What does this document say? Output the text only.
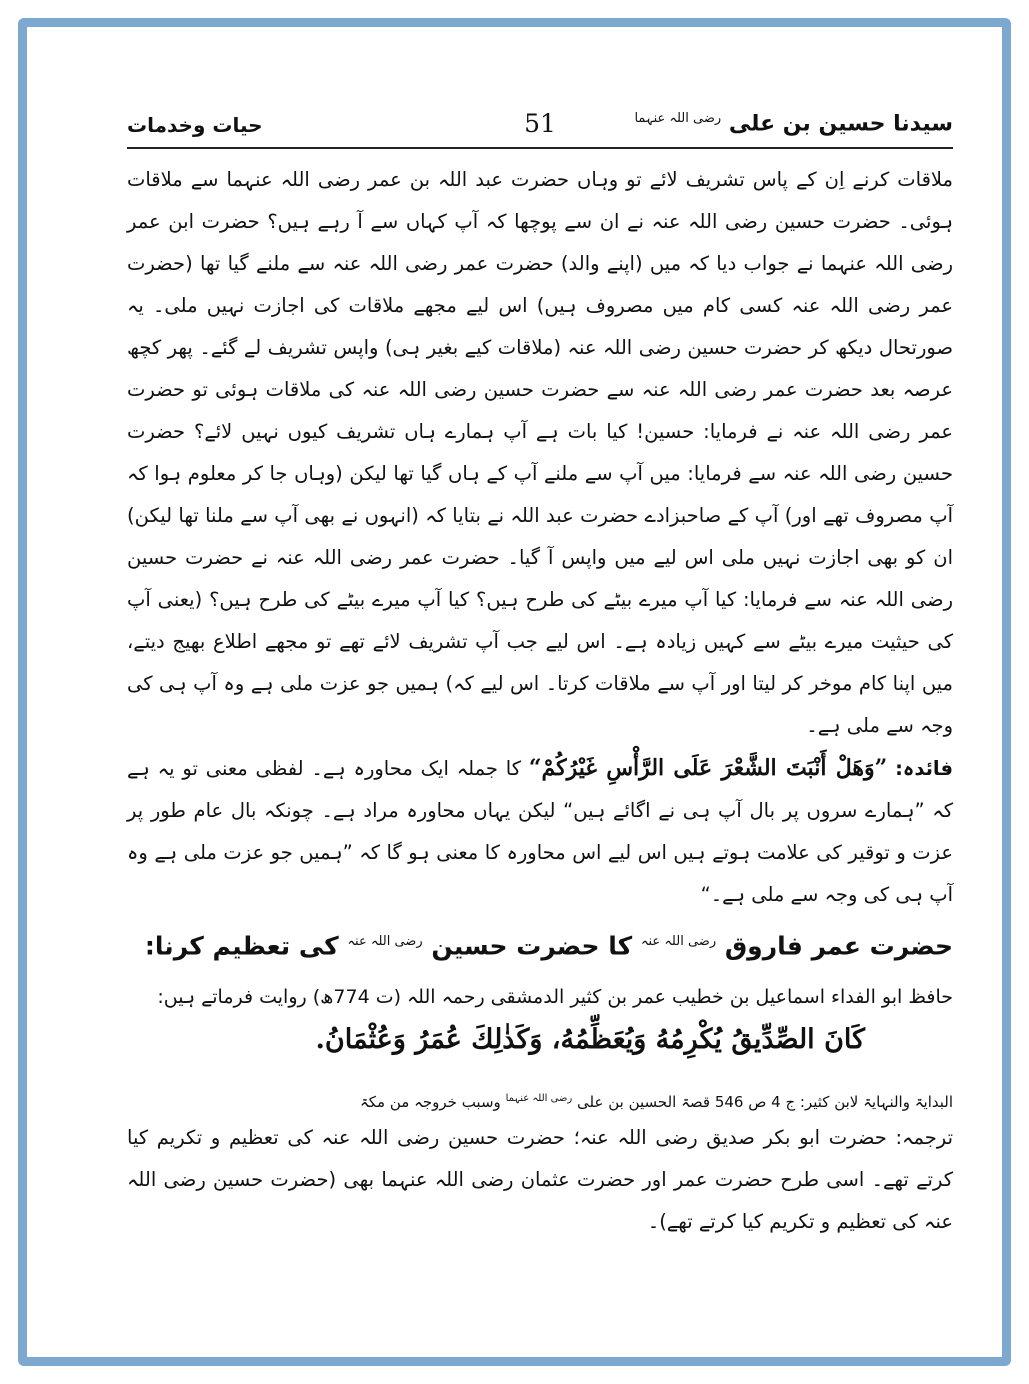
سیدنا حسین بن علی $^{رضی اللہ عنہما}$
51
حیات وخدمات

ملاقات کرنے اِن کے پاس تشریف لائے تو وہاں حضرت عبد اللہ بن عمر رضی اللہ عنہما سے ملاقات ہوئی۔ حضرت حسین رضی اللہ عنہ نے ان سے پوچھا کہ آپ کہاں سے آ رہے ہیں؟ حضرت ابن عمر رضی اللہ عنہما نے جواب دیا کہ میں (اپنے والد) حضرت عمر رضی اللہ عنہ سے ملنے گیا تھا (حضرت عمر رضی اللہ عنہ کسی کام میں مصروف ہیں) اس لیے مجھے ملاقات کی اجازت نہیں ملی۔ یہ صورتحال دیکھ کر حضرت حسین رضی اللہ عنہ (ملاقات کیے بغیر ہی) واپس تشریف لے گئے۔ پھر کچھ عرصہ بعد حضرت عمر رضی اللہ عنہ سے حضرت حسین رضی اللہ عنہ کی ملاقات ہوئی تو حضرت عمر رضی اللہ عنہ نے فرمایا: حسین! کیا بات ہے آپ ہمارے ہاں تشریف کیوں نہیں لائے؟ حضرت حسین رضی اللہ عنہ سے فرمایا: میں آپ سے ملنے آپ کے ہاں گیا تھا لیکن (وہاں جا کر معلوم ہوا کہ آپ مصروف تھے اور) آپ کے صاحبزادے حضرت عبد اللہ نے بتایا کہ (انہوں نے بھی آپ سے ملنا تھا لیکن) ان کو بھی اجازت نہیں ملی اس لیے میں واپس آ گیا۔ حضرت عمر رضی اللہ عنہ نے حضرت حسین رضی اللہ عنہ سے فرمایا: کیا آپ میرے بیٹے کی طرح ہیں؟ کیا آپ میرے بیٹے کی طرح ہیں؟ (یعنی آپ کی حیثیت میرے بیٹے سے کہیں زیادہ ہے۔ اس لیے جب آپ تشریف لائے تھے تو مجھے اطلاع بھیج دیتے، میں اپنا کام موخر کر لیتا اور آپ سے ملاقات کرتا۔ اس لیے کہ) ہمیں جو عزت ملی ہے وہ آپ ہی کی وجہ سے ملی ہے۔

فائدہ: ”وَهَلْ أَنْبَتَ الشَّعْرَ عَلَى الرَّأْسِ غَيْرُكُمْ“ کا جملہ ایک محاورہ ہے۔ لفظی معنی تو یہ ہے کہ ”ہمارے سروں پر بال آپ ہی نے اگائے ہیں“ لیکن یہاں محاورہ مراد ہے۔ چونکہ بال عام طور پر عزت و توقیر کی علامت ہوتے ہیں اس لیے اس محاورہ کا معنی ہو گا کہ ”ہمیں جو عزت ملی ہے وہ آپ ہی کی وجہ سے ملی ہے۔“

حضرت عمر فاروق $^{رضی اللہ عنہ}$ کا حضرت حسین $^{رضی اللہ عنہ}$ کی تعظیم کرنا:
حافظ ابو الفداء اسماعیل بن خطیب عمر بن کثیر الدمشقی رحمہ اللہ (ت 774ھ) روایت فرماتے ہیں:
كَانَ الصِّدِّيقُ يُكْرِمُهُ وَيُعَظِّمُهُ، وَكَذٰلِكَ عُمَرُ وَعُثْمَانُ.
البدایۃ والنہایۃ لابن کثیر: ج 4 ص 546 قصۃ الحسین بن علی $^{رضی اللہ عنہما}$ وسبب خروجہ من مکۃ

ترجمہ: حضرت ابو بکر صدیق رضی اللہ عنہ؛ حضرت حسین رضی اللہ عنہ کی تعظیم و تکریم کیا کرتے تھے۔ اسی طرح حضرت عمر اور حضرت عثمان رضی اللہ عنہما بھی (حضرت حسین رضی اللہ عنہ کی تعظیم و تکریم کیا کرتے تھے)۔
